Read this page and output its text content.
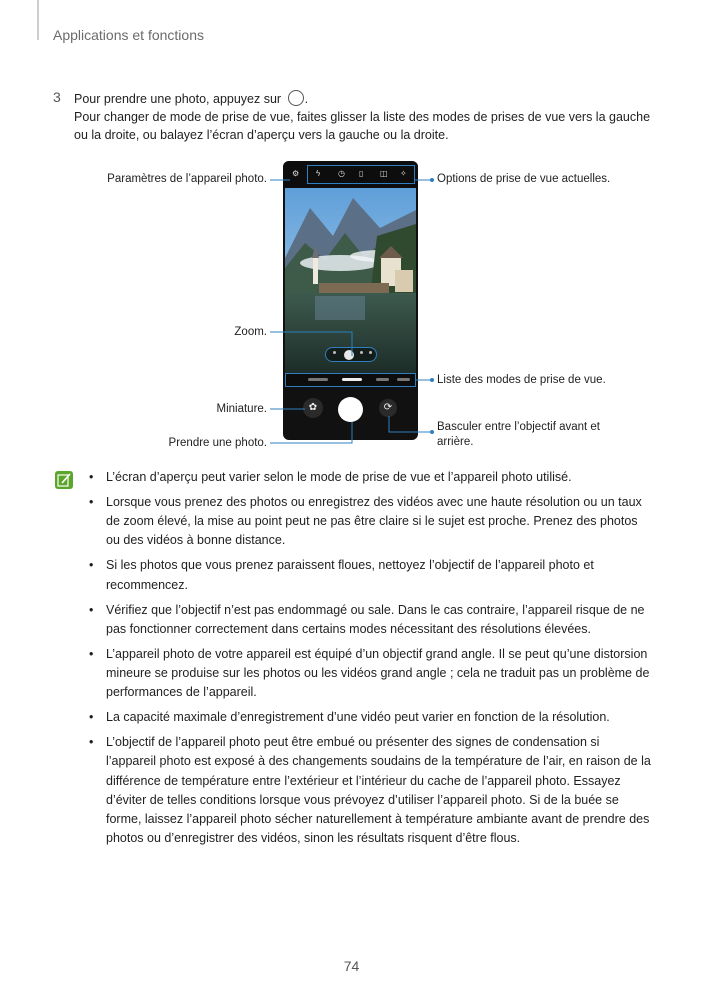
Applications et fonctions
3 Pour prendre une photo, appuyez sur .
Pour changer de mode de prise de vue, faites glisser la liste des modes de prises de vue vers la gauche ou la droite, ou balayez l’écran d’aperçu vers la gauche ou la droite.
⚙ ϟ ◷ ▯ ◫ ✧
✿	⟳
Paramètres de l’appareil photo.	Options de prise de vue actuelles.
Zoom.
Liste des modes de prise de vue.
Miniature.
Basculer entre l’objectif avant et
arrière.
Prendre une photo.
• L’écran d’aperçu peut varier selon le mode de prise de vue et l’appareil photo utilisé.
• Lorsque vous prenez des photos ou enregistrez des vidéos avec une haute résolution ou un taux de zoom élevé, la mise au point peut ne pas être claire si le sujet est proche. Prenez des photos ou des vidéos à bonne distance.
• Si les photos que vous prenez paraissent floues, nettoyez l’objectif de l’appareil photo et recommencez.
• Vérifiez que l’objectif n’est pas endommagé ou sale. Dans le cas contraire, l’appareil risque de ne pas fonctionner correctement dans certains modes nécessitant des résolutions élevées.
• L’appareil photo de votre appareil est équipé d’un objectif grand angle. Il se peut qu’une distorsion mineure se produise sur les photos ou les vidéos grand angle ; cela ne traduit pas un problème de performances de l’appareil.
• La capacité maximale d’enregistrement d’une vidéo peut varier en fonction de la résolution.
• L’objectif de l’appareil photo peut être embué ou présenter des signes de condensation si l’appareil photo est exposé à des changements soudains de la température de l’air, en raison de la différence de température entre l’extérieur et l’intérieur du cache de l’appareil photo. Essayez d’éviter de telles conditions lorsque vous prévoyez d’utiliser l’appareil photo. Si de la buée se forme, laissez l’appareil photo sécher naturellement à température ambiante avant de prendre des photos ou d’enregistrer des vidéos, sinon les résultats risquent d’être flous.
74
